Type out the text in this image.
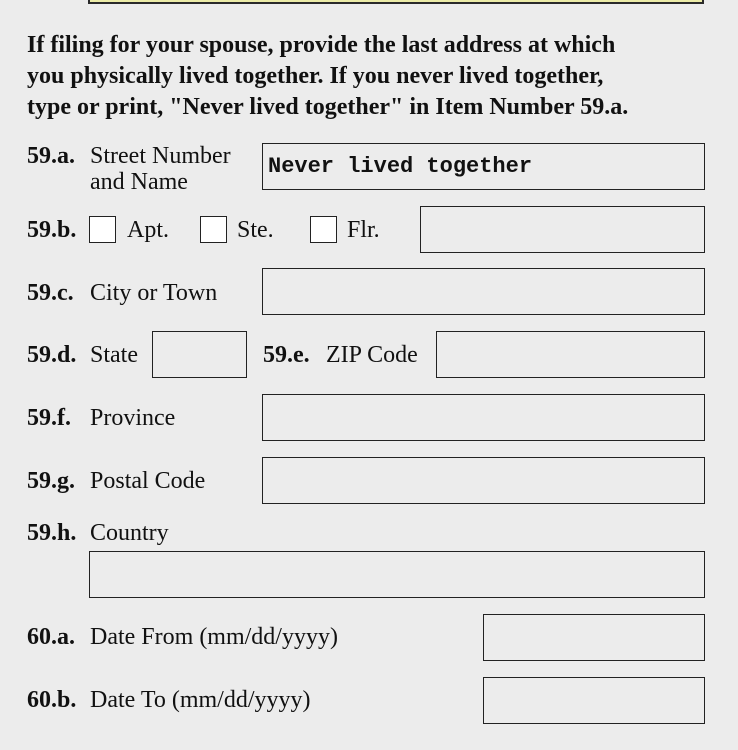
If filing for your spouse, provide the last address at which
you physically lived together. If you never lived together,
type or print, "Never lived together" in Item Number 59.a.
59.a. Street Number
and Name
Never lived together
59.b. Apt.	Ste.	Flr.
59.c. City or Town
59.d. State	59.e. ZIP Code
59.f. Province
59.g. Postal Code
59.h. Country
60.a. Date From (mm/dd/yyyy)
60.b. Date To (mm/dd/yyyy)
